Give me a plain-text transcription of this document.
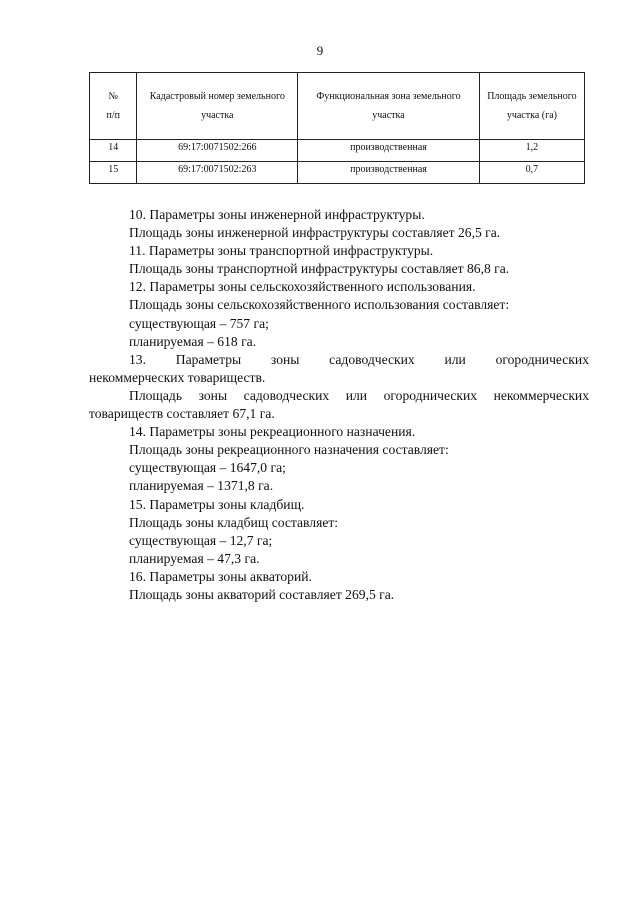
9
№
п/п	Кадастровый номер земельного участка	Функциональная зона земельного участка	Площадь земельного участка (га)
14	69:17:0071502:266	производственная	1,2
15	69:17:0071502:263	производственная	0,7

10. Параметры зоны инженерной инфраструктуры.

Площадь зоны инженерной инфраструктуры составляет 26,5 га.

11. Параметры зоны транспортной инфраструктуры.

Площадь зоны транспортной инфраструктуры составляет 86,8 га.

12. Параметры зоны сельскохозяйственного использования.

Площадь зоны сельскохозяйственного использования составляет:

существующая – 757 га;

планируемая – 618 га.

13. Параметры зоны садоводческих или огороднических

некоммерческих товариществ.

Площадь зоны садоводческих или огороднических некоммерческих

товариществ составляет 67,1 га.

14. Параметры зоны рекреационного назначения.

Площадь зоны рекреационного назначения составляет:

существующая – 1647,0 га;

планируемая – 1371,8 га.

15. Параметры зоны кладбищ.

Площадь зоны кладбищ составляет:

существующая – 12,7 га;

планируемая – 47,3 га.

16. Параметры зоны акваторий.

Площадь зоны акваторий составляет 269,5 га.
